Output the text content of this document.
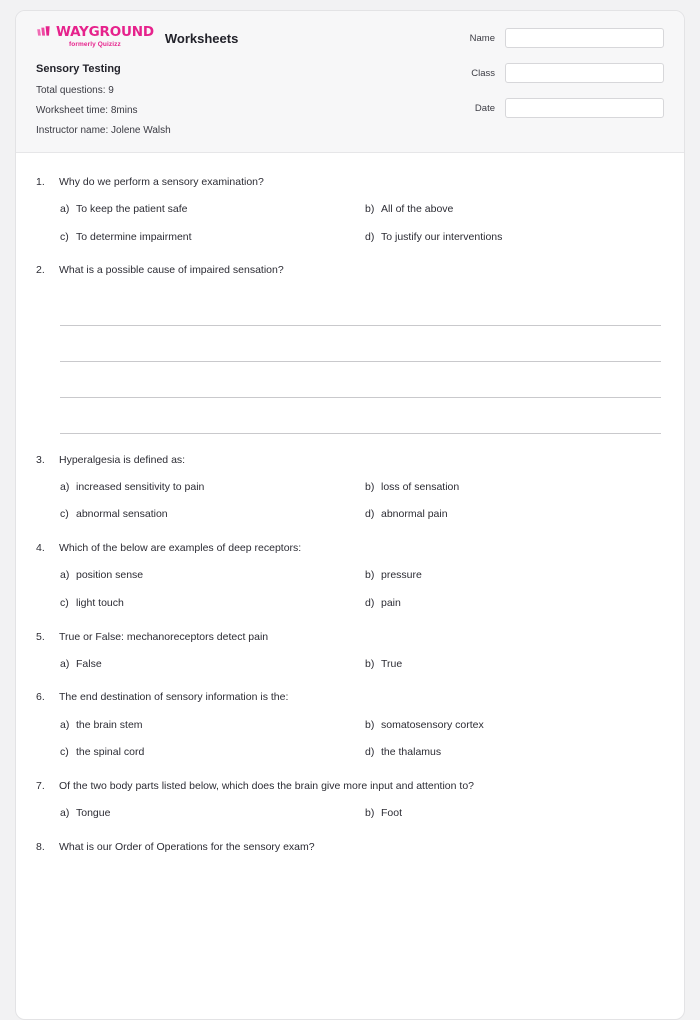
WAYGROUND
formerly Quizizz	Worksheets
Sensory Testing
Total questions: 9
Worksheet time: 8mins
Instructor name: Jolene Walsh
Name
Class
Date
1.	Why do we perform a sensory examination?
a) To keep the patient safe	b) All of the above
c) To determine impairment	d) To justify our interventions
2.	What is a possible cause of impaired sensation?
3.	Hyperalgesia is defined as:
a) increased sensitivity to pain	b) loss of sensation
c) abnormal sensation	d) abnormal pain
4.	Which of the below are examples of deep receptors:
a) position sense	b) pressure
c) light touch	d) pain
5.	True or False: mechanoreceptors detect pain
a) False	b) True
6.	The end destination of sensory information is the:
a) the brain stem	b) somatosensory cortex
c) the spinal cord	d) the thalamus
7.	Of the two body parts listed below, which does the brain give more input and attention to?
a) Tongue	b) Foot
8.	What is our Order of Operations for the sensory exam?
